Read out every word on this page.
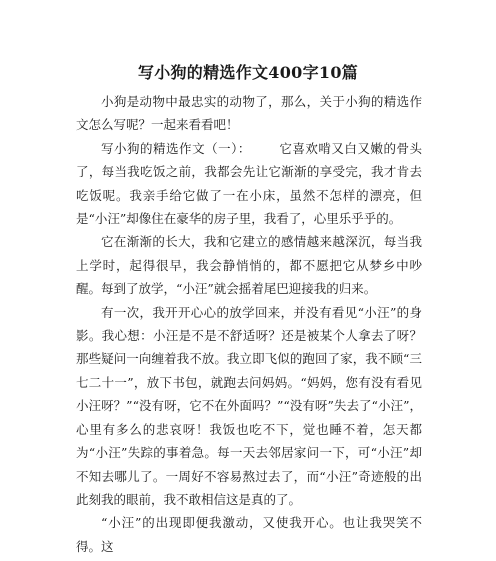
写小狗的精选作文400字10篇

小狗是动物中最忠实的动物了，那么，关于小狗的精选作文怎么写呢？一起来看看吧！

写小狗的精选作文（一）： 它喜欢啃又白又嫩的骨头了，每当我吃饭之前，我都会先让它渐渐的享受完，我才肯去吃饭呢。我亲手给它做了一在小床，虽然不怎样的漂亮，但是“小汪”却像住在豪华的房子里，我看了，心里乐乎乎的。

它在渐渐的长大，我和它建立的感情越来越深沉，每当我上学时，起得很早，我会静悄悄的，都不愿把它从梦乡中吵醒。每到了放学，“小汪”就会摇着尾巴迎接我的归来。

有一次，我开开心心的放学回来，并没有看见“小汪”的身影。我心想：小汪是不是不舒适呀？还是被某个人拿去了呀？那些疑问一向缠着我不放。我立即飞似的跑回了家，我不顾“三七二十一”，放下书包，就跑去问妈妈。“妈妈，您有没有看见小汪呀？”“没有呀，它不在外面吗？”“没有呀”失去了“小汪”，心里有多么的悲哀呀！我饭也吃不下，觉也睡不着，怎天都为“小汪”失踪的事着急。每一天去邻居家问一下，可“小汪”却不知去哪儿了。一周好不容易熬过去了，而“小汪”奇迹般的出此刻我的眼前，我不敢相信这是真的了。

“小汪”的出现即便我激动，又使我开心。也让我哭笑不得。这
